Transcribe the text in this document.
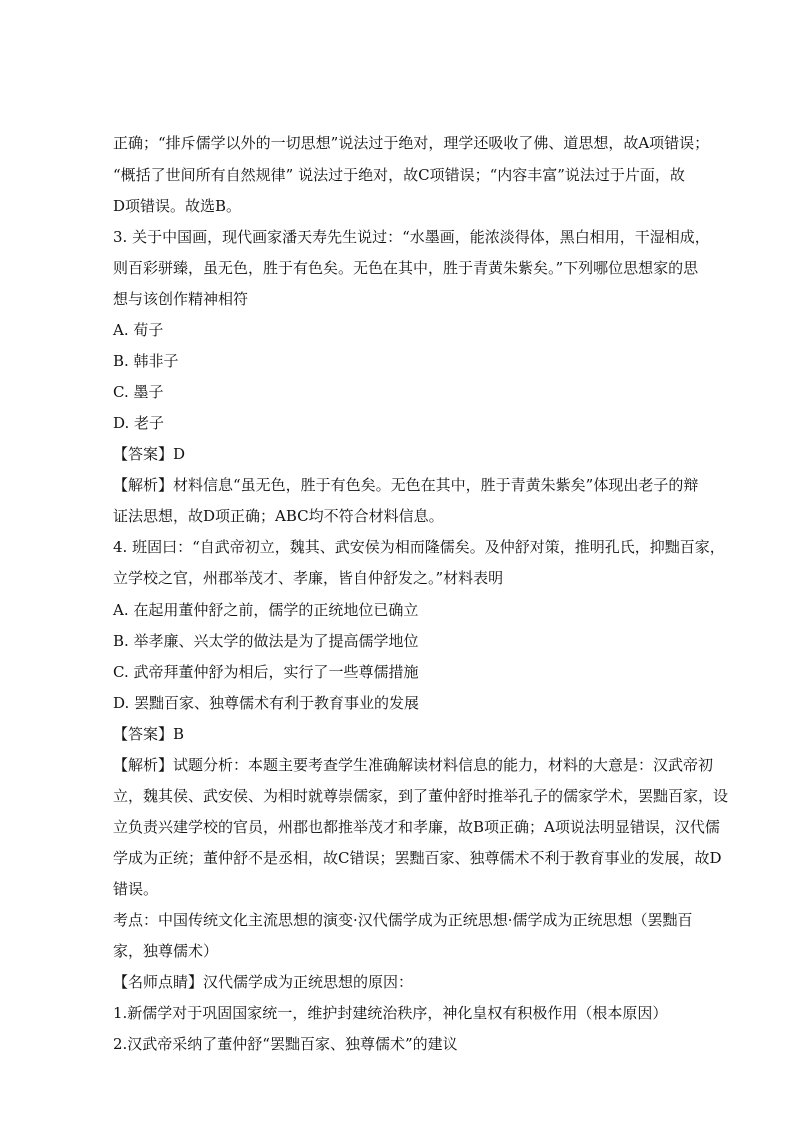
正确；“排斥儒学以外的一切思想”说法过于绝对，理学还吸收了佛、道思想，故A项错误；
“概括了世间所有自然规律” 说法过于绝对，故C项错误；“内容丰富”说法过于片面，故
D项错误。故选B。
3. 关于中国画，现代画家潘天寿先生说过：“水墨画，能浓淡得体，黑白相用，干湿相成，
则百彩骈臻，虽无色，胜于有色矣。无色在其中，胜于青黄朱紫矣。”下列哪位思想家的思
想与该创作精神相符
A. 荀子
B. 韩非子
C. 墨子
D. 老子
【答案】D
【解析】材料信息“虽无色，胜于有色矣。无色在其中，胜于青黄朱紫矣”体现出老子的辩
证法思想，故D项正确；ABC均不符合材料信息。
4. 班固曰：“自武帝初立，魏其、武安侯为相而隆儒矣。及仲舒对策，推明孔氏，抑黜百家，
立学校之官，州郡举茂才、孝廉，皆自仲舒发之。”材料表明
A. 在起用董仲舒之前，儒学的正统地位已确立
B. 举孝廉、兴太学的做法是为了提高儒学地位
C. 武帝拜董仲舒为相后，实行了一些尊儒措施
D. 罢黜百家、独尊儒术有利于教育事业的发展
【答案】B
【解析】试题分析：本题主要考查学生准确解读材料信息的能力，材料的大意是：汉武帝初
立，魏其侯、武安侯、为相时就尊崇儒家，到了董仲舒时推举孔子的儒家学术，罢黜百家，设
立负责兴建学校的官员，州郡也都推举茂才和孝廉，故B项正确；A项说法明显错误，汉代儒
学成为正统；董仲舒不是丞相，故C错误；罢黜百家、独尊儒术不利于教育事业的发展，故D
错误。
考点：中国传统文化主流思想的演变·汉代儒学成为正统思想·儒学成为正统思想（罢黜百
家，独尊儒术）
【名师点睛】汉代儒学成为正统思想的原因：
1.新儒学对于巩固国家统一，维护封建统治秩序，神化皇权有积极作用（根本原因）
2.汉武帝采纳了董仲舒“罢黜百家、独尊儒术”的建议
